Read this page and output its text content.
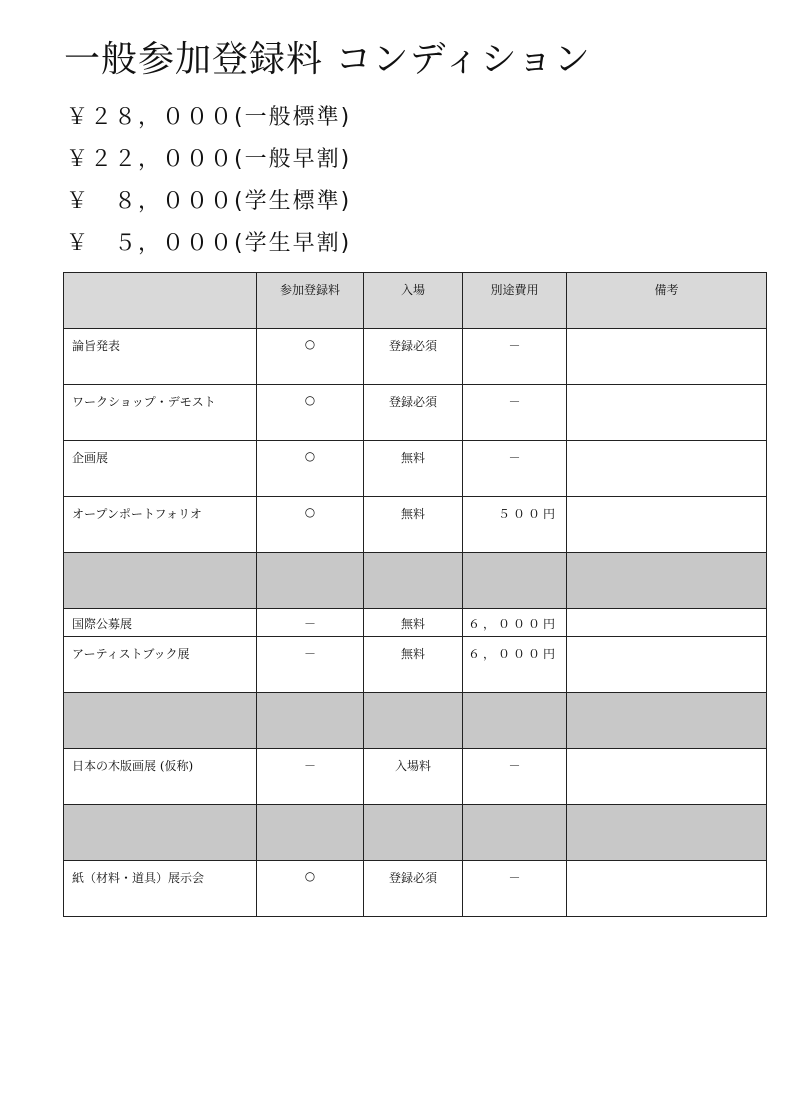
一般参加登録料 コンディション
￥２８，０００(一般標準)
￥２２，０００(一般早割)
￥　８，０００(学生標準)
￥　５，０００(学生早割)
	参加登録料	入場	別途費用	備考
論旨発表	○	登録必須	－	
ワークショップ・デモスト	○	登録必須	－	
企画展	○	無料	－	
オープンポートフォリオ	○	無料	５００円	

国際公募展	－	無料	６，０００円	
アーティストブック展	－	無料	６，０００円	

日本の木版画展 (仮称)	－	入場料	－	

紙（材料・道具）展示会	○	登録必須	－	
